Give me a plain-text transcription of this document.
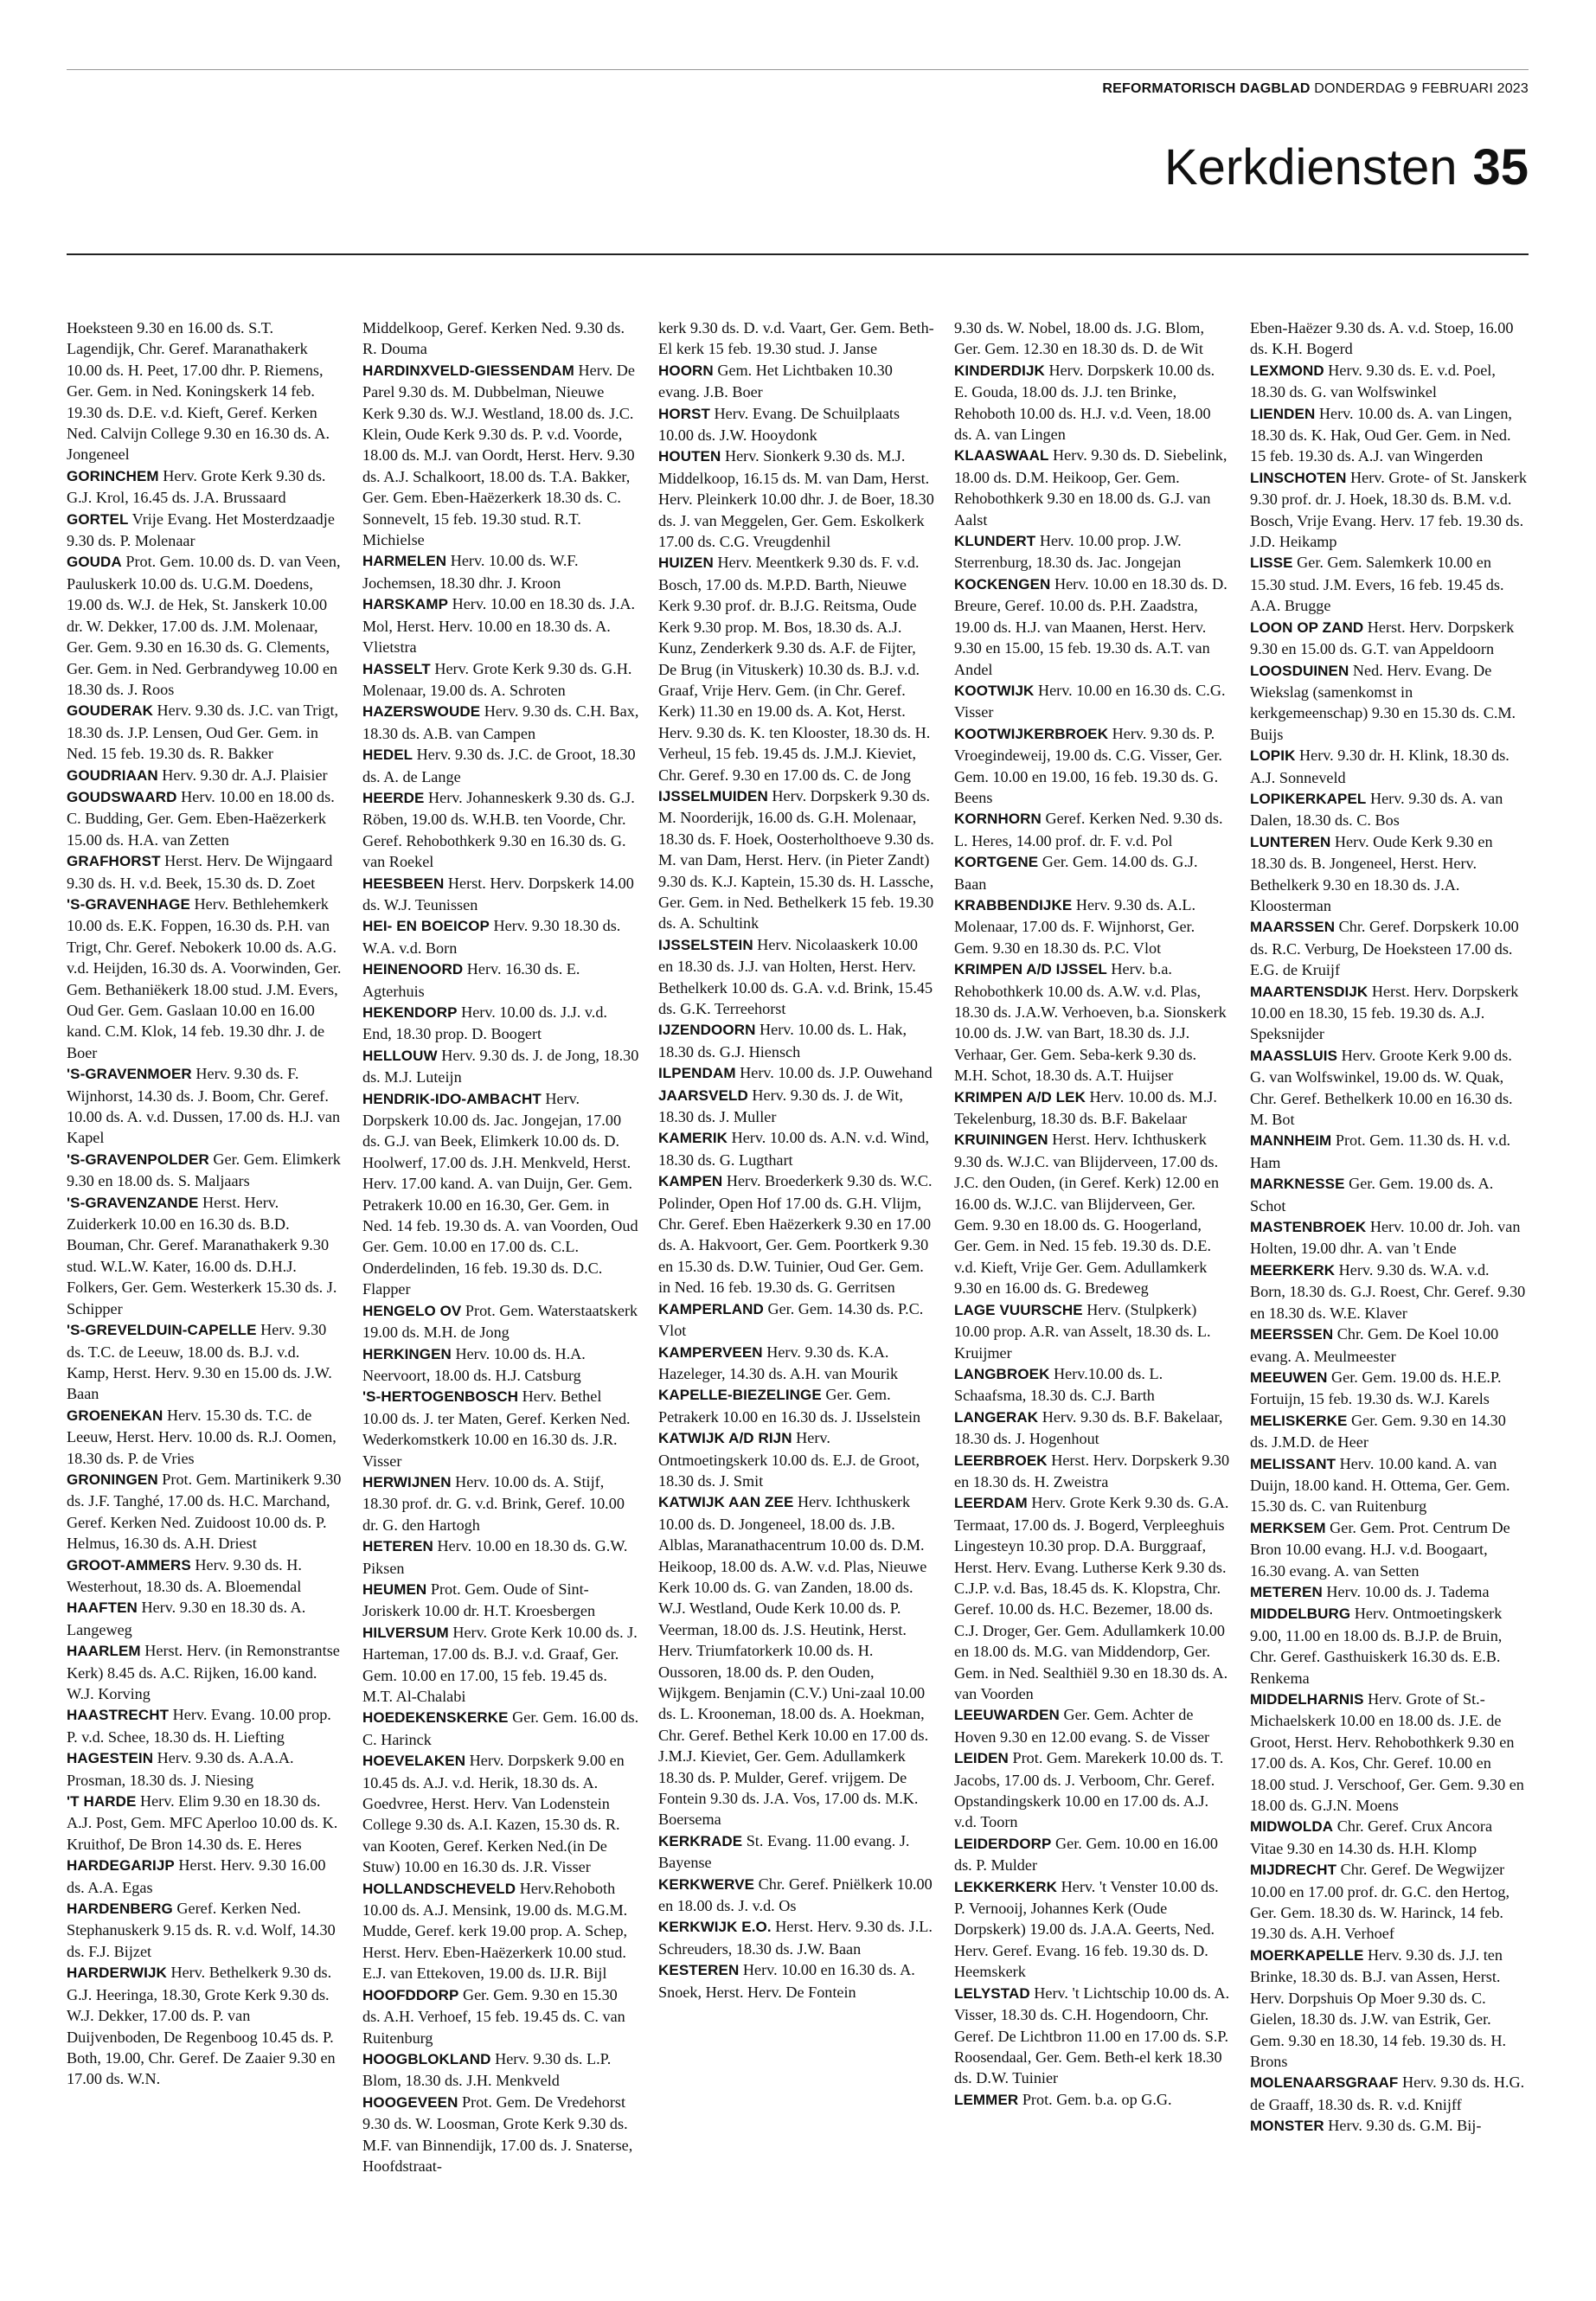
REFORMATORISCH DAGBLAD DONDERDAG 9 FEBRUARI 2023
Kerkdiensten 35

Hoeksteen 9.30 en 16.00 ds. S.T. Lagendijk, Chr. Geref. Maranathakerk 10.00 ds. H. Peet, 17.00 dhr. P. Riemens, Ger. Gem. in Ned. Koningskerk 14 feb. 19.30 ds. D.E. v.d. Kieft, Geref. Kerken Ned. Calvijn College 9.30 en 16.30 ds. A. Jongeneel

GORINCHEM Herv. Grote Kerk 9.30 ds. G.J. Krol, 16.45 ds. J.A. Brussaard

GORTEL Vrije Evang. Het Mosterdzaadje 9.30 ds. P. Molenaar

GOUDA Prot. Gem. 10.00 ds. D. van Veen, Pauluskerk 10.00 ds. U.G.M. Doedens, 19.00 ds. W.J. de Hek, St. Janskerk 10.00 dr. W. Dekker, 17.00 ds. J.M. Molenaar, Ger. Gem. 9.30 en 16.30 ds. G. Clements, Ger. Gem. in Ned. Gerbrandyweg 10.00 en 18.30 ds. J. Roos

GOUDERAK Herv. 9.30 ds. J.C. van Trigt, 18.30 ds. J.P. Lensen, Oud Ger. Gem. in Ned. 15 feb. 19.30 ds. R. Bakker

GOUDRIAAN Herv. 9.30 dr. A.J. Plaisier

GOUDSWAARD Herv. 10.00 en 18.00 ds. C. Budding, Ger. Gem. Eben-Haëzerkerk 15.00 ds. H.A. van Zetten

GRAFHORST Herst. Herv. De Wijngaard 9.30 ds. H. v.d. Beek, 15.30 ds. D. Zoet

'S-GRAVENHAGE Herv. Bethlehemkerk 10.00 ds. E.K. Foppen, 16.30 ds. P.H. van Trigt, Chr. Geref. Nebokerk 10.00 ds. A.G. v.d. Heijden, 16.30 ds. A. Voorwinden, Ger. Gem. Bethaniëkerk 18.00 stud. J.M. Evers, Oud Ger. Gem. Gaslaan 10.00 en 16.00 kand. C.M. Klok, 14 feb. 19.30 dhr. J. de Boer

'S-GRAVENMOER Herv. 9.30 ds. F. Wijnhorst, 14.30 ds. J. Boom, Chr. Geref. 10.00 ds. A. v.d. Dussen, 17.00 ds. H.J. van Kapel

'S-GRAVENPOLDER Ger. Gem. Elimkerk 9.30 en 18.00 ds. S. Maljaars

'S-GRAVENZANDE Herst. Herv. Zuiderkerk 10.00 en 16.30 ds. B.D. Bouman, Chr. Geref. Maranathakerk 9.30 stud. W.L.W. Kater, 16.00 ds. D.H.J. Folkers, Ger. Gem. Westerkerk 15.30 ds. J. Schipper

'S-GREVELDUIN-CAPELLE Herv. 9.30 ds. T.C. de Leeuw, 18.00 ds. B.J. v.d. Kamp, Herst. Herv. 9.30 en 15.00 ds. J.W. Baan

GROENEKAN Herv. 15.30 ds. T.C. de Leeuw, Herst. Herv. 10.00 ds. R.J. Oomen, 18.30 ds. P. de Vries

GRONINGEN Prot. Gem. Martinikerk 9.30 ds. J.F. Tanghé, 17.00 ds. H.C. Marchand, Geref. Kerken Ned. Zuidoost 10.00 ds. P. Helmus, 16.30 ds. A.H. Driest

GROOT-AMMERS Herv. 9.30 ds. H. Westerhout, 18.30 ds. A. Bloemendal

HAAFTEN Herv. 9.30 en 18.30 ds. A. Langeweg

HAARLEM Herst. Herv. (in Remonstrantse Kerk) 8.45 ds. A.C. Rijken, 16.00 kand. W.J. Korving

HAASTRECHT Herv. Evang. 10.00 prop. P. v.d. Schee, 18.30 ds. H. Liefting

HAGESTEIN Herv. 9.30 ds. A.A.A. Prosman, 18.30 ds. J. Niesing

'T HARDE Herv. Elim 9.30 en 18.30 ds. A.J. Post, Gem. MFC Aperloo 10.00 ds. K. Kruithof, De Bron 14.30 ds. E. Heres

HARDEGARIJP Herst. Herv. 9.30 16.00 ds. A.A. Egas

HARDENBERG Geref. Kerken Ned. Stephanuskerk 9.15 ds. R. v.d. Wolf, 14.30 ds. F.J. Bijzet

HARDERWIJK Herv. Bethelkerk 9.30 ds. G.J. Heeringa, 18.30, Grote Kerk 9.30 ds. W.J. Dekker, 17.00 ds. P. van Duijvenboden, De Regenboog 10.45 ds. P. Both, 19.00, Chr. Geref. De Zaaier 9.30 en 17.00 ds. W.N.

Middelkoop, Geref. Kerken Ned. 9.30 ds. R. Douma

HARDINXVELD-GIESSENDAM Herv. De Parel 9.30 ds. M. Dubbelman, Nieuwe Kerk 9.30 ds. W.J. Westland, 18.00 ds. J.C. Klein, Oude Kerk 9.30 ds. P. v.d. Voorde, 18.00 ds. M.J. van Oordt, Herst. Herv. 9.30 ds. A.J. Schalkoort, 18.00 ds. T.A. Bakker, Ger. Gem. Eben-Haëzerkerk 18.30 ds. C. Sonnevelt, 15 feb. 19.30 stud. R.T. Michielse

HARMELEN Herv. 10.00 ds. W.F. Jochemsen, 18.30 dhr. J. Kroon

HARSKAMP Herv. 10.00 en 18.30 ds. J.A. Mol, Herst. Herv. 10.00 en 18.30 ds. A. Vlietstra

HASSELT Herv. Grote Kerk 9.30 ds. G.H. Molenaar, 19.00 ds. A. Schroten

HAZERSWOUDE Herv. 9.30 ds. C.H. Bax, 18.30 ds. A.B. van Campen

HEDEL Herv. 9.30 ds. J.C. de Groot, 18.30 ds. A. de Lange

HEERDE Herv. Johanneskerk 9.30 ds. G.J. Röben, 19.00 ds. W.H.B. ten Voorde, Chr. Geref. Rehobothkerk 9.30 en 16.30 ds. G. van Roekel

HEESBEEN Herst. Herv. Dorpskerk 14.00 ds. W.J. Teunissen

HEI- EN BOEICOP Herv. 9.30 18.30 ds. W.A. v.d. Born

HEINENOORD Herv. 16.30 ds. E. Agterhuis

HEKENDORP Herv. 10.00 ds. J.J. v.d. End, 18.30 prop. D. Boogert

HELLOUW Herv. 9.30 ds. J. de Jong, 18.30 ds. M.J. Luteijn

HENDRIK-IDO-AMBACHT Herv. Dorpskerk 10.00 ds. Jac. Jongejan, 17.00 ds. G.J. van Beek, Elimkerk 10.00 ds. D. Hoolwerf, 17.00 ds. J.H. Menkveld, Herst. Herv. 17.00 kand. A. van Duijn, Ger. Gem. Petrakerk 10.00 en 16.30, Ger. Gem. in Ned. 14 feb. 19.30 ds. A. van Voorden, Oud Ger. Gem. 10.00 en 17.00 ds. C.L. Onderdelinden, 16 feb. 19.30 ds. D.C. Flapper

HENGELO OV Prot. Gem. Waterstaatskerk 19.00 ds. M.H. de Jong

HERKINGEN Herv. 10.00 ds. H.A. Neervoort, 18.00 ds. H.J. Catsburg

'S-HERTOGENBOSCH Herv. Bethel 10.00 ds. J. ter Maten, Geref. Kerken Ned. Wederkomstkerk 10.00 en 16.30 ds. J.R. Visser

HERWIJNEN Herv. 10.00 ds. A. Stijf, 18.30 prof. dr. G. v.d. Brink, Geref. 10.00 dr. G. den Hartogh

HETEREN Herv. 10.00 en 18.30 ds. G.W. Piksen

HEUMEN Prot. Gem. Oude of Sint-Joriskerk 10.00 dr. H.T. Kroesbergen

HILVERSUM Herv. Grote Kerk 10.00 ds. J. Harteman, 17.00 ds. B.J. v.d. Graaf, Ger. Gem. 10.00 en 17.00, 15 feb. 19.45 ds. M.T. Al-Chalabi

HOEDEKENSKERKE Ger. Gem. 16.00 ds. C. Harinck

HOEVELAKEN Herv. Dorpskerk 9.00 en 10.45 ds. A.J. v.d. Herik, 18.30 ds. A. Goedvree, Herst. Herv. Van Lodenstein College 9.30 ds. A.I. Kazen, 15.30 ds. R. van Kooten, Geref. Kerken Ned.(in De Stuw) 10.00 en 16.30 ds. J.R. Visser

HOLLANDSCHEVELD Herv.Rehoboth 10.00 ds. A.J. Mensink, 19.00 ds. M.G.M. Mudde, Geref. kerk 19.00 prop. A. Schep, Herst. Herv. Eben-Haëzerkerk 10.00 stud. E.J. van Ettekoven, 19.00 ds. IJ.R. Bijl

HOOFDDORP Ger. Gem. 9.30 en 15.30 ds. A.H. Verhoef, 15 feb. 19.45 ds. C. van Ruitenburg

HOOGBLOKLAND Herv. 9.30 ds. L.P. Blom, 18.30 ds. J.H. Menkveld

HOOGEVEEN Prot. Gem. De Vredehorst 9.30 ds. W. Loosman, Grote Kerk 9.30 ds. M.F. van Binnendijk, 17.00 ds. J. Snaterse, Hoofdstraat-

kerk 9.30 ds. D. v.d. Vaart, Ger. Gem. Beth-El kerk 15 feb. 19.30 stud. J. Janse

HOORN Gem. Het Lichtbaken 10.30 evang. J.B. Boer

HORST Herv. Evang. De Schuilplaats 10.00 ds. J.W. Hooydonk

HOUTEN Herv. Sionkerk 9.30 ds. M.J. Middelkoop, 16.15 ds. M. van Dam, Herst. Herv. Pleinkerk 10.00 dhr. J. de Boer, 18.30 ds. J. van Meggelen, Ger. Gem. Eskolkerk 17.00 ds. C.G. Vreugdenhil

HUIZEN Herv. Meentkerk 9.30 ds. F. v.d. Bosch, 17.00 ds. M.P.D. Barth, Nieuwe Kerk 9.30 prof. dr. B.J.G. Reitsma, Oude Kerk 9.30 prop. M. Bos, 18.30 ds. A.J. Kunz, Zenderkerk 9.30 ds. A.F. de Fijter, De Brug (in Vituskerk) 10.30 ds. B.J. v.d. Graaf, Vrije Herv. Gem. (in Chr. Geref. Kerk) 11.30 en 19.00 ds. A. Kot, Herst. Herv. 9.30 ds. K. ten Klooster, 18.30 ds. H. Verheul, 15 feb. 19.45 ds. J.M.J. Kieviet, Chr. Geref. 9.30 en 17.00 ds. C. de Jong

IJSSELMUIDEN Herv. Dorpskerk 9.30 ds. M. Noorderijk, 16.00 ds. G.H. Molenaar, 18.30 ds. F. Hoek, Oosterholthoeve 9.30 ds. M. van Dam, Herst. Herv. (in Pieter Zandt) 9.30 ds. K.J. Kaptein, 15.30 ds. H. Lassche, Ger. Gem. in Ned. Bethelkerk 15 feb. 19.30 ds. A. Schultink

IJSSELSTEIN Herv. Nicolaaskerk 10.00 en 18.30 ds. J.J. van Holten, Herst. Herv. Bethelkerk 10.00 ds. G.A. v.d. Brink, 15.45 ds. G.K. Terreehorst

IJZENDOORN Herv. 10.00 ds. L. Hak, 18.30 ds. G.J. Hiensch

ILPENDAM Herv. 10.00 ds. J.P. Ouwehand

JAARSVELD Herv. 9.30 ds. J. de Wit, 18.30 ds. J. Muller

KAMERIK Herv. 10.00 ds. A.N. v.d. Wind, 18.30 ds. G. Lugthart

KAMPEN Herv. Broederkerk 9.30 ds. W.C. Polinder, Open Hof 17.00 ds. G.H. Vlijm, Chr. Geref. Eben Haëzerkerk 9.30 en 17.00 ds. A. Hakvoort, Ger. Gem. Poortkerk 9.30 en 15.30 ds. D.W. Tuinier, Oud Ger. Gem. in Ned. 16 feb. 19.30 ds. G. Gerritsen

KAMPERLAND Ger. Gem. 14.30 ds. P.C. Vlot

KAMPERVEEN Herv. 9.30 ds. K.A. Hazeleger, 14.30 ds. A.H. van Mourik

KAPELLE-BIEZELINGE Ger. Gem. Petrakerk 10.00 en 16.30 ds. J. IJsselstein

KATWIJK A/D RIJN Herv. Ontmoetingskerk 10.00 ds. E.J. de Groot, 18.30 ds. J. Smit

KATWIJK AAN ZEE Herv. Ichthuskerk 10.00 ds. D. Jongeneel, 18.00 ds. J.B. Alblas, Maranathacentrum 10.00 ds. D.M. Heikoop, 18.00 ds. A.W. v.d. Plas, Nieuwe Kerk 10.00 ds. G. van Zanden, 18.00 ds. W.J. Westland, Oude Kerk 10.00 ds. P. Veerman, 18.00 ds. J.S. Heutink, Herst. Herv. Triumfatorkerk 10.00 ds. H. Oussoren, 18.00 ds. P. den Ouden, Wijkgem. Benjamin (C.V.) Uni-zaal 10.00 ds. L. Krooneman, 18.00 ds. A. Hoekman, Chr. Geref. Bethel Kerk 10.00 en 17.00 ds. J.M.J. Kieviet, Ger. Gem. Adullamkerk 18.30 ds. P. Mulder, Geref. vrijgem. De Fontein 9.30 ds. J.A. Vos, 17.00 ds. M.K. Boersema

KERKRADE St. Evang. 11.00 evang. J. Bayense

KERKWERVE Chr. Geref. Pniëlkerk 10.00 en 18.00 ds. J. v.d. Os

KERKWIJK E.O. Herst. Herv. 9.30 ds. J.L. Schreuders, 18.30 ds. J.W. Baan

KESTEREN Herv. 10.00 en 16.30 ds. A. Snoek, Herst. Herv. De Fontein

9.30 ds. W. Nobel, 18.00 ds. J.G. Blom, Ger. Gem. 12.30 en 18.30 ds. D. de Wit

KINDERDIJK Herv. Dorpskerk 10.00 ds. E. Gouda, 18.00 ds. J.J. ten Brinke, Rehoboth 10.00 ds. H.J. v.d. Veen, 18.00 ds. A. van Lingen

KLAASWAAL Herv. 9.30 ds. D. Siebelink, 18.00 ds. D.M. Heikoop, Ger. Gem. Rehobothkerk 9.30 en 18.00 ds. G.J. van Aalst

KLUNDERT Herv. 10.00 prop. J.W. Sterrenburg, 18.30 ds. Jac. Jongejan

KOCKENGEN Herv. 10.00 en 18.30 ds. D. Breure, Geref. 10.00 ds. P.H. Zaadstra, 19.00 ds. H.J. van Maanen, Herst. Herv. 9.30 en 15.00, 15 feb. 19.30 ds. A.T. van Andel

KOOTWIJK Herv. 10.00 en 16.30 ds. C.G. Visser

KOOTWIJKERBROEK Herv. 9.30 ds. P. Vroegindeweij, 19.00 ds. C.G. Visser, Ger. Gem. 10.00 en 19.00, 16 feb. 19.30 ds. G. Beens

KORNHORN Geref. Kerken Ned. 9.30 ds. L. Heres, 14.00 prof. dr. F. v.d. Pol

KORTGENE Ger. Gem. 14.00 ds. G.J. Baan

KRABBENDIJKE Herv. 9.30 ds. A.L. Molenaar, 17.00 ds. F. Wijnhorst, Ger. Gem. 9.30 en 18.30 ds. P.C. Vlot

KRIMPEN A/D IJSSEL Herv. b.a. Rehobothkerk 10.00 ds. A.W. v.d. Plas, 18.30 ds. J.A.W. Verhoeven, b.a. Sionskerk 10.00 ds. J.W. van Bart, 18.30 ds. J.J. Verhaar, Ger. Gem. Seba-kerk 9.30 ds. M.H. Schot, 18.30 ds. A.T. Huijser

KRIMPEN A/D LEK Herv. 10.00 ds. M.J. Tekelenburg, 18.30 ds. B.F. Bakelaar

KRUININGEN Herst. Herv. Ichthuskerk 9.30 ds. W.J.C. van Blijderveen, 17.00 ds. J.C. den Ouden, (in Geref. Kerk) 12.00 en 16.00 ds. W.J.C. van Blijderveen, Ger. Gem. 9.30 en 18.00 ds. G. Hoogerland, Ger. Gem. in Ned. 15 feb. 19.30 ds. D.E. v.d. Kieft, Vrije Ger. Gem. Adullamkerk 9.30 en 16.00 ds. G. Bredeweg

LAGE VUURSCHE Herv. (Stulpkerk) 10.00 prop. A.R. van Asselt, 18.30 ds. L. Kruijmer

LANGBROEK Herv.10.00 ds. L. Schaafsma, 18.30 ds. C.J. Barth

LANGERAK Herv. 9.30 ds. B.F. Bakelaar, 18.30 ds. J. Hogenhout

LEERBROEK Herst. Herv. Dorpskerk 9.30 en 18.30 ds. H. Zweistra

LEERDAM Herv. Grote Kerk 9.30 ds. G.A. Termaat, 17.00 ds. J. Bogerd, Verpleeghuis Lingesteyn 10.30 prop. D.A. Burggraaf, Herst. Herv. Evang. Lutherse Kerk 9.30 ds. C.J.P. v.d. Bas, 18.45 ds. K. Klopstra, Chr. Geref. 10.00 ds. H.C. Bezemer, 18.00 ds. C.J. Droger, Ger. Gem. Adullamkerk 10.00 en 18.00 ds. M.G. van Middendorp, Ger. Gem. in Ned. Sealthiël 9.30 en 18.30 ds. A. van Voorden

LEEUWARDEN Ger. Gem. Achter de Hoven 9.30 en 12.00 evang. S. de Visser

LEIDEN Prot. Gem. Marekerk 10.00 ds. T. Jacobs, 17.00 ds. J. Verboom, Chr. Geref. Opstandingskerk 10.00 en 17.00 ds. A.J. v.d. Toorn

LEIDERDORP Ger. Gem. 10.00 en 16.00 ds. P. Mulder

LEKKERKERK Herv. 't Venster 10.00 ds. P. Vernooij, Johannes Kerk (Oude Dorpskerk) 19.00 ds. J.A.A. Geerts, Ned. Herv. Geref. Evang. 16 feb. 19.30 ds. D. Heemskerk

LELYSTAD Herv. 't Lichtschip 10.00 ds. A. Visser, 18.30 ds. C.H. Hogendoorn, Chr. Geref. De Lichtbron 11.00 en 17.00 ds. S.P. Roosendaal, Ger. Gem. Beth-el kerk 18.30 ds. D.W. Tuinier

LEMMER Prot. Gem. b.a. op G.G.

Eben-Haëzer 9.30 ds. A. v.d. Stoep, 16.00 ds. K.H. Bogerd

LEXMOND Herv. 9.30 ds. E. v.d. Poel, 18.30 ds. G. van Wolfswinkel

LIENDEN Herv. 10.00 ds. A. van Lingen, 18.30 ds. K. Hak, Oud Ger. Gem. in Ned. 15 feb. 19.30 ds. A.J. van Wingerden

LINSCHOTEN Herv. Grote- of St. Janskerk 9.30 prof. dr. J. Hoek, 18.30 ds. B.M. v.d. Bosch, Vrije Evang. Herv. 17 feb. 19.30 ds. J.D. Heikamp

LISSE Ger. Gem. Salemkerk 10.00 en 15.30 stud. J.M. Evers, 16 feb. 19.45 ds. A.A. Brugge

LOON OP ZAND Herst. Herv. Dorpskerk 9.30 en 15.00 ds. G.T. van Appeldoorn

LOOSDUINEN Ned. Herv. Evang. De Wiekslag (samenkomst in kerkgemeenschap) 9.30 en 15.30 ds. C.M. Buijs

LOPIK Herv. 9.30 dr. H. Klink, 18.30 ds. A.J. Sonneveld

LOPIKERKAPEL Herv. 9.30 ds. A. van Dalen, 18.30 ds. C. Bos

LUNTEREN Herv. Oude Kerk 9.30 en 18.30 ds. B. Jongeneel, Herst. Herv. Bethelkerk 9.30 en 18.30 ds. J.A. Kloosterman

MAARSSEN Chr. Geref. Dorpskerk 10.00 ds. R.C. Verburg, De Hoeksteen 17.00 ds. E.G. de Kruijf

MAARTENSDIJK Herst. Herv. Dorpskerk 10.00 en 18.30, 15 feb. 19.30 ds. A.J. Speksnijder

MAASSLUIS Herv. Groote Kerk 9.00 ds. G. van Wolfswinkel, 19.00 ds. W. Quak, Chr. Geref. Bethelkerk 10.00 en 16.30 ds. M. Bot

MANNHEIM Prot. Gem. 11.30 ds. H. v.d. Ham

MARKNESSE Ger. Gem. 19.00 ds. A. Schot

MASTENBROEK Herv. 10.00 dr. Joh. van Holten, 19.00 dhr. A. van 't Ende

MEERKERK Herv. 9.30 ds. W.A. v.d. Born, 18.30 ds. G.J. Roest, Chr. Geref. 9.30 en 18.30 ds. W.E. Klaver

MEERSSEN Chr. Gem. De Koel 10.00 evang. A. Meulmeester

MEEUWEN Ger. Gem. 19.00 ds. H.E.P. Fortuijn, 15 feb. 19.30 ds. W.J. Karels

MELISKERKE Ger. Gem. 9.30 en 14.30 ds. J.M.D. de Heer

MELISSANT Herv. 10.00 kand. A. van Duijn, 18.00 kand. H. Ottema, Ger. Gem. 15.30 ds. C. van Ruitenburg

MERKSEM Ger. Gem. Prot. Centrum De Bron 10.00 evang. H.J. v.d. Boogaart, 16.30 evang. A. van Setten

METEREN Herv. 10.00 ds. J. Tadema

MIDDELBURG Herv. Ontmoetingskerk 9.00, 11.00 en 18.00 ds. B.J.P. de Bruin, Chr. Geref. Gasthuiskerk 16.30 ds. E.B. Renkema

MIDDELHARNIS Herv. Grote of St.-Michaelskerk 10.00 en 18.00 ds. J.E. de Groot, Herst. Herv. Rehobothkerk 9.30 en 17.00 ds. A. Kos, Chr. Geref. 10.00 en 18.00 stud. J. Verschoof, Ger. Gem. 9.30 en 18.00 ds. G.J.N. Moens

MIDWOLDA Chr. Geref. Crux Ancora Vitae 9.30 en 14.30 ds. H.H. Klomp

MIJDRECHT Chr. Geref. De Wegwijzer 10.00 en 17.00 prof. dr. G.C. den Hertog, Ger. Gem. 18.30 ds. W. Harinck, 14 feb. 19.30 ds. A.H. Verhoef

MOERKAPELLE Herv. 9.30 ds. J.J. ten Brinke, 18.30 ds. B.J. van Assen, Herst. Herv. Dorpshuis Op Moer 9.30 ds. C. Gielen, 18.30 ds. J.W. van Estrik, Ger. Gem. 9.30 en 18.30, 14 feb. 19.30 ds. H. Brons

MOLENAARSGRAAF Herv. 9.30 ds. H.G. de Graaff, 18.30 ds. R. v.d. Knijff

MONSTER Herv. 9.30 ds. G.M. Bij-
